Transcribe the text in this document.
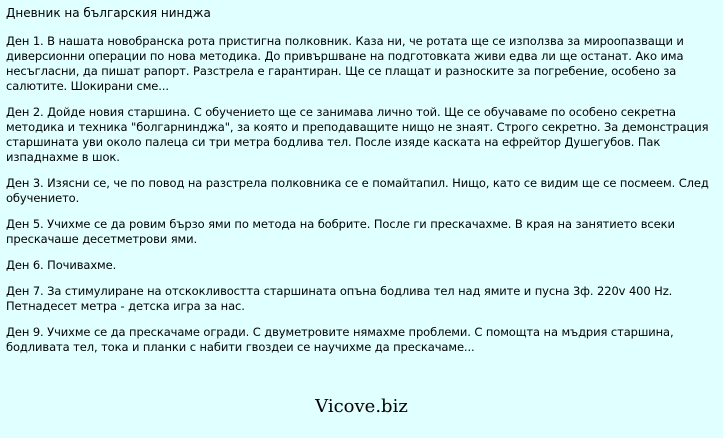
Дневник на българския нинджа
Ден 1. В нашата новобранска рота пристигна полковник. Каза ни, че ротата ще се използва за мироопазващи и диверсионни операции по нова методика. До привършване на подготовката живи едва ли ще останат. Ако има несъгласни, да пишат рапорт. Разстрела е гарантиран. Ще се плащат и разноските за погребение, особено за салютите. Шокирани сме...
Ден 2. Дойде новия старшина. С обучението ще се занимава лично той. Ще се обучаваме по особено секретна методика и техника "болгарнинджа", за която и преподаващите нищо не знаят. Строго секретно. За демонстрация старшината уви около палеца си три метра бодлива тел. После изяде каската на ефрейтор Душегубов. Пак изпаднахме в шок.
Ден 3. Изясни се, че по повод на разстрела полковника се е помайтапил. Нищо, като се видим ще се посмеем. След обучението.
Ден 5. Учихме се да ровим бързо ями по метода на бобрите. После ги прескачахме. В края на занятието всеки прескачаше десетметрови ями.
Ден 6. Почивахме.
Ден 7. За стимулиране на отскокливостта старшината опъна бодлива тел над ямите и пусна 3ф. 220v 400 Hz. Петнадесет метра - детска игра за нас.
Ден 9. Учихме се да прескачаме огради. С двуметровите нямахме проблеми. С помощта на мъдрия старшина, бодливата тел, тока и планки с набити гвоздеи се научихме да прескачаме...
Vicove.biz
